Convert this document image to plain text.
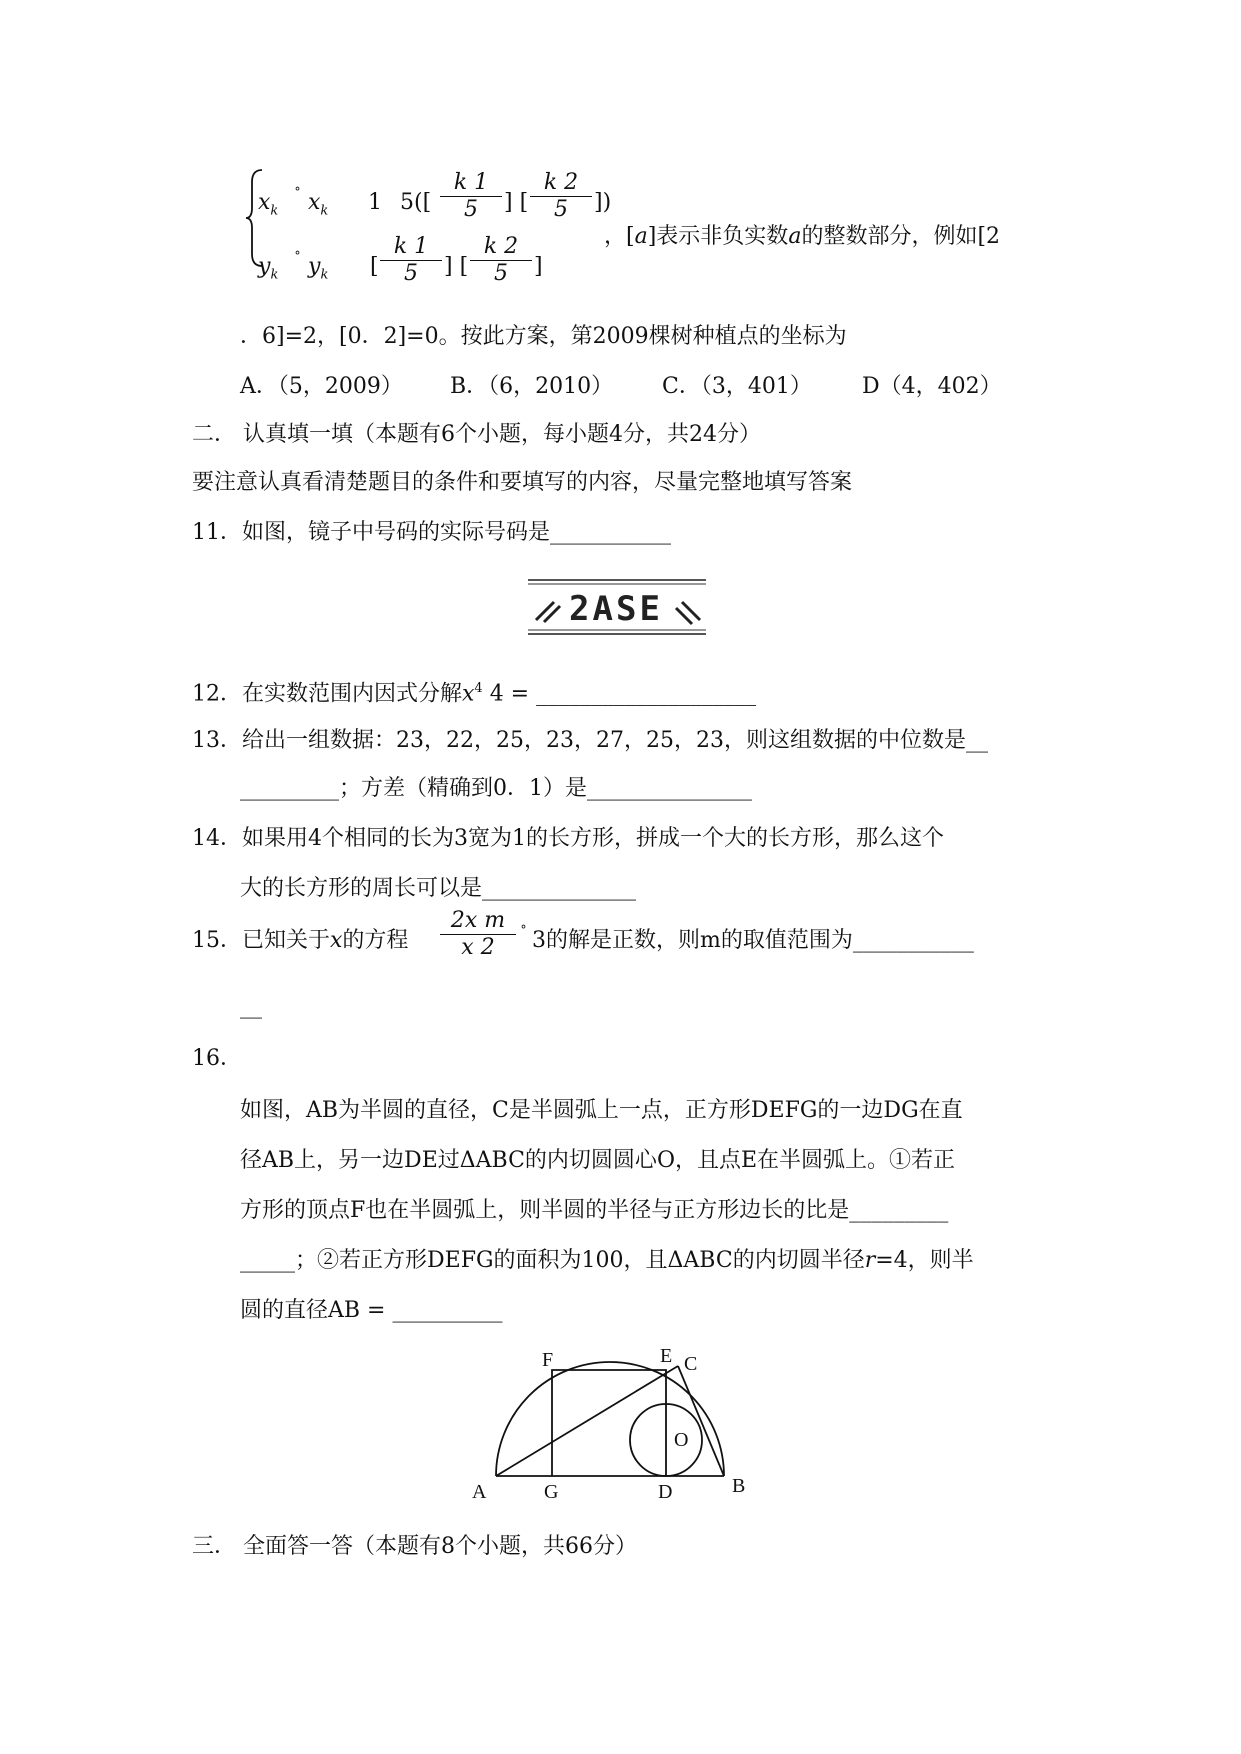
$x_k$
˚ $x_k$ 1 $5([ \frac{k 1}{5}$ ] [ $\frac{k 2}{5}$ ])
$y_k$
˚ $y_k$ [ $\frac{k 1}{5}$ ] [ $\frac{k 2}{5}$ ]
，[a]表示非负实数a的整数部分，例如[2
．6]=2，[0．2]=0。按此方案，第2009棵树种植点的坐标为
A．（5，2009） B．（6，2010） C．（3，401） D（4，402）
二． 认真填一填（本题有6个小题，每小题4分，共24分）
要注意认真看清楚题目的条件和要填写的内容，尽量完整地填写答案
11．如图，镜子中号码的实际号码是___________
2ASE
12．在实数范围内因式分解$x^4$ 4 = ____________________
13．给出一组数据：23，22，25，23，27，25，23，则这组数据的中位数是__
_________；方差（精确到0．1）是_______________
14．如果用4个相同的长为3宽为1的长方形，拼成一个大的长方形，那么这个
大的长方形的周长可以是______________
15．已知关于x的方程 $\frac{\text{2x m}}{x 2}$ ˚ 3的解是正数，则m的取值范围为___________
__
16．
如图，AB为半圆的直径，C是半圆弧上一点，正方形DEFG的一边DG在直
径AB上，另一边DE过ΔABC的内切圆圆心O，且点E在半圆弧上。①若正
方形的顶点F也在半圆弧上，则半圆的半径与正方形边长的比是_________
_____；②若正方形DEFG的面积为100，且ΔABC的内切圆半径r=4，则半
圆的直径AB = __________
F	E C
O
A	G	D	B
三． 全面答一答（本题有8个小题，共66分）
